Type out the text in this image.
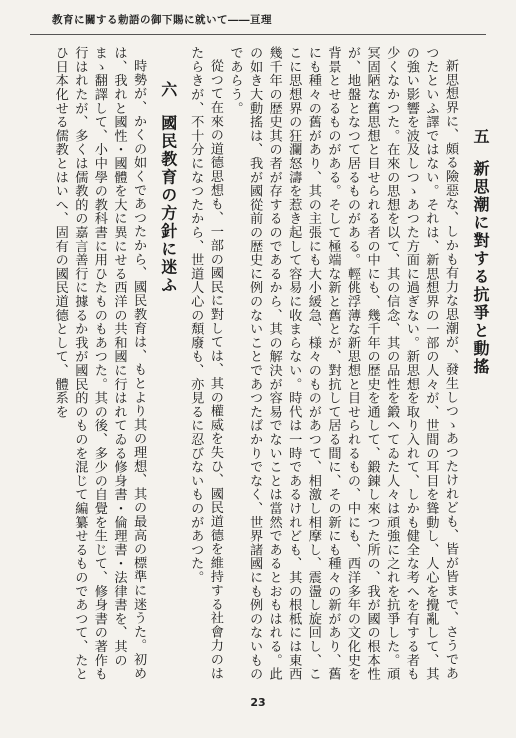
教育に關する勅語の御下賜に就いて――亘理

新思想界に、頗る險惡な、しかも有力な思潮が、發生しつゝあつたけれども、皆が皆まで、さうであつたといふ譯ではない。それは、新思想界の一部の人々が、世間の耳目を聳動し、人心を攪亂して、其の強い影響を波及しつゝあつた方面に過ぎない。新思想を取り入れて、しかも健全な考へを有する者も少くなかつた。在來の思想を以て、其の信念、其の品性を鍛へてゐた人々は頑強に之れを抗爭した。頑冥固陋な舊思想と目せられる者の中にも、幾千年の歴史を通して、鍛錬し來つた所の、我が國の根本性が、地盤となつて居るものがある。輕佻浮薄な新思想と目せられるもの、中にも、西洋多年の文化史を背景とせるものがある。そして極端な新と舊とが、對抗して居る間に、その新にも種々の新があり、舊にも種々の舊があり、其の主張にも大小緩急、様々のものがあつて、相激し相摩し、震盪し旋回し、ここに思想界の狂瀾怒濤を惹き起して容易に收まらない。時代は一時であるけれども、其の根柢には東西幾千年の歴史其の者が存するのであるから、其の解決が容易でないことは當然であるとおもはれる。此の如き大動搖は、我が國從前の歴史に例のないことであつたばかりでなく、世界諸國にも例のないものであらう。

從つて在來の道德思想も、一部の國民に對しては、其の權威を失ひ、國民道德を維持する社會力のはたらきが、不十分になつたから、世道人心の頽廢も、亦見るに忍びないものがあつた。

六 國民教育の方針に迷ふ

時勢が、かくの如くであつたから、國民教育は、もとより其の理想、其の最高の標準に迷うた。初めは、我れと國性・國體を大に異にせる西洋の共和國に行はれてゐる修身書・倫理書・法律書を、其のまゝ翻譯して、小中學の教科書に用ひたものもあつた。其の後、多少の自覺を生じて、修身書の著作も行はれたが、多くは儒教的の嘉言善行に據るか我が國民的のものを混じて編纂せるものであつて、たとひ日本化せる儒教とはいへ、固有の國民道德として、體系を	五新思潮に對する抗爭と動搖
23
